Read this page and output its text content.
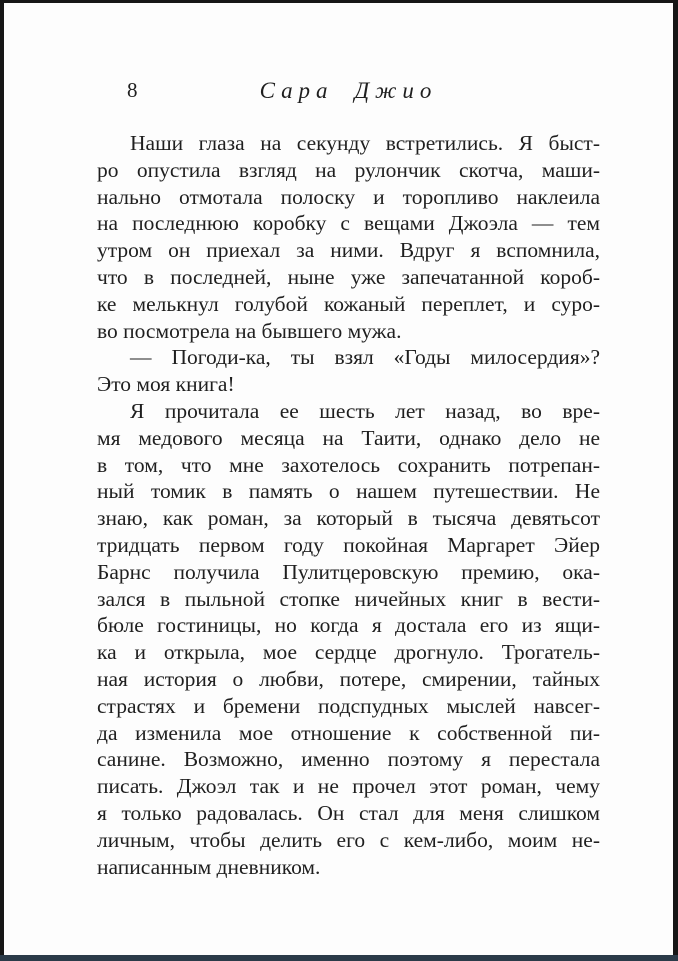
8	Сара Джио
Наши глаза на секунду встретились. Я быст-
ро опустила взгляд на рулончик скотча, маши-
нально отмотала полоску и торопливо наклеила
на последнюю коробку с вещами Джоэла — тем
утром он приехал за ними. Вдруг я вспомнила,
что в последней, ныне уже запечатанной короб-
ке мелькнул голубой кожаный переплет, и суро-
во посмотрела на бывшего мужа.
— Погоди-ка, ты взял «Годы милосердия»?
Это моя книга!
Я прочитала ее шесть лет назад, во вре-
мя медового месяца на Таити, однако дело не
в том, что мне захотелось сохранить потрепан-
ный томик в память о нашем путешествии. Не
знаю, как роман, за который в тысяча девятьсот
тридцать первом году покойная Маргарет Эйер
Барнс получила Пулитцеровскую премию, ока-
зался в пыльной стопке ничейных книг в вести-
бюле гостиницы, но когда я достала его из ящи-
ка и открыла, мое сердце дрогнуло. Трогатель-
ная история о любви, потере, смирении, тайных
страстях и бремени подспудных мыслей навсег-
да изменила мое отношение к собственной пи-
санине. Возможно, именно поэтому я перестала
писать. Джоэл так и не прочел этот роман, чему
я только радовалась. Он стал для меня слишком
личным, чтобы делить его с кем-либо, моим не-
написанным дневником.
